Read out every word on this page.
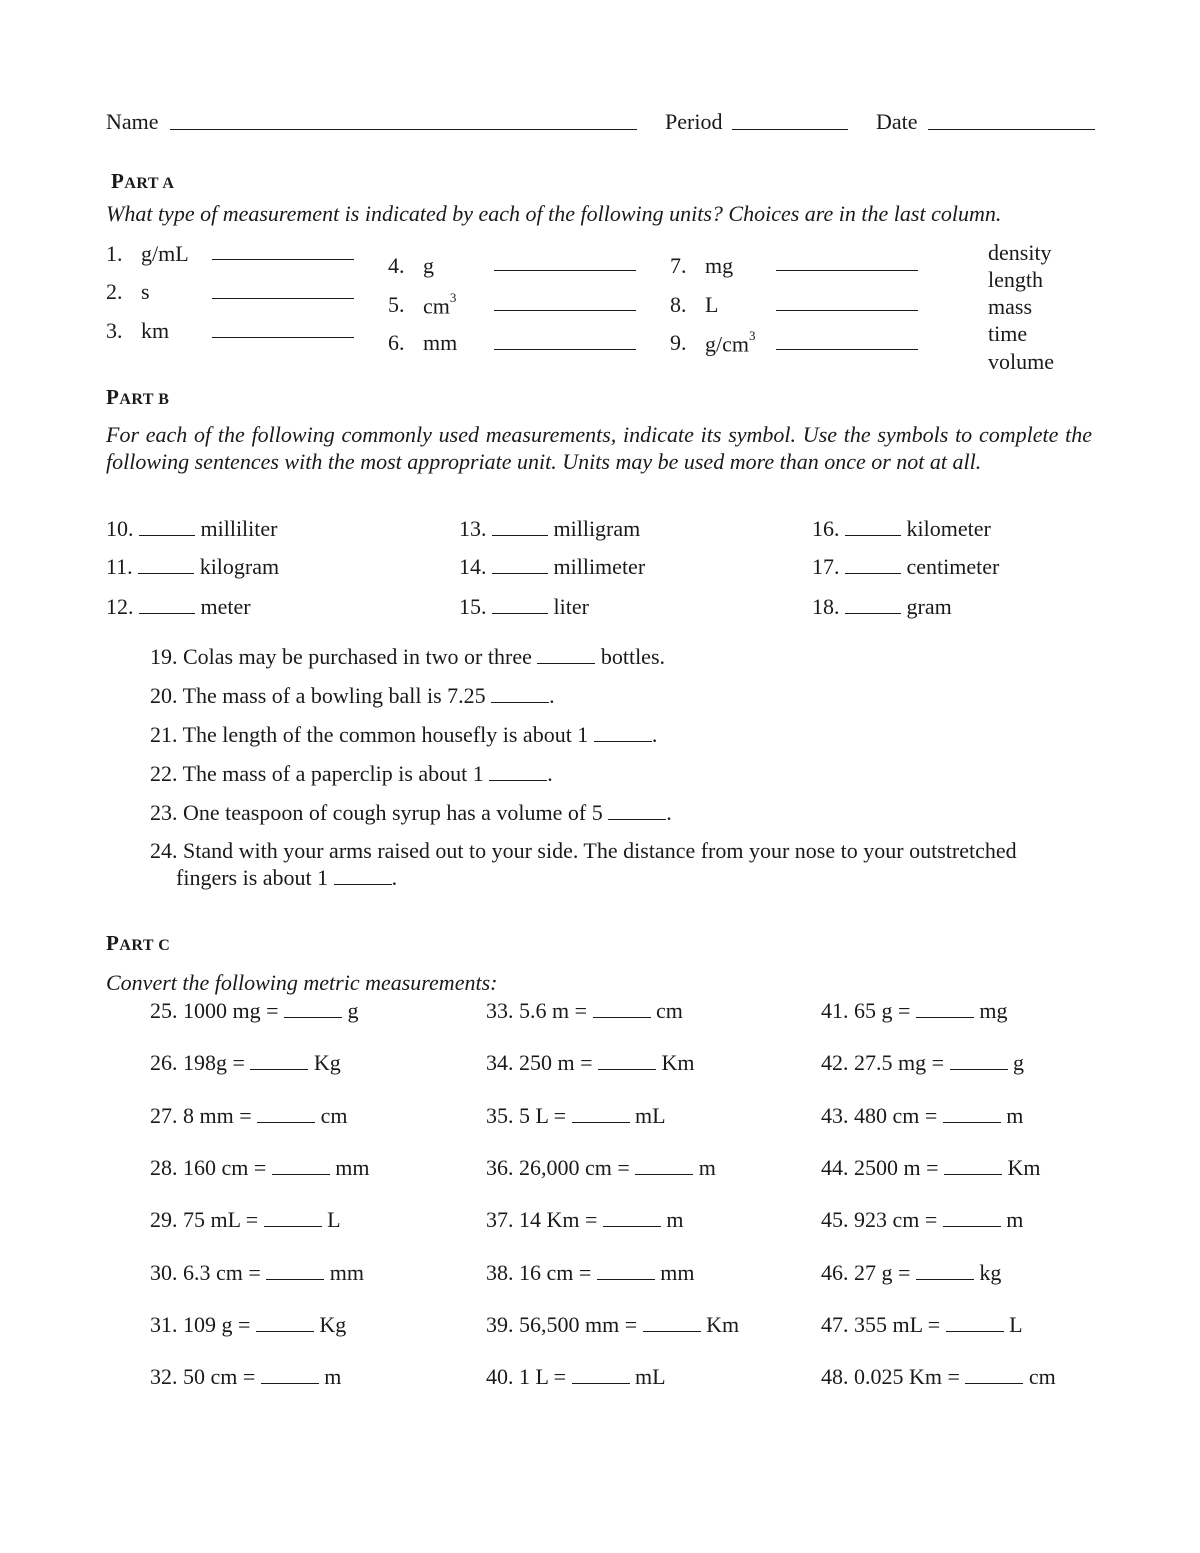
Name	Period	Date
PART A
What type of measurement is indicated by each of the following units? Choices are in the last column.
1. g/mL
2. s
3. km
4. g
5. $cm^3$
6. mm
7. mg
8. L
9. $g/cm^3$
density
length
mass
time
volume
PART B
For each of the following commonly used measurements, indicate its symbol. Use the symbols to complete the following sentences with the most appropriate unit. Units may be used more than once or not at all.
10.	milliliter
11.	kilogram
12.	meter
13.	milligram
14.	millimeter
15.	liter
16.	kilometer
17.	centimeter
18.	gram
19. Colas may be purchased in two or three	bottles.
20. The mass of a bowling ball is 7.25	.
21. The length of the common housefly is about 1	.
22. The mass of a paperclip is about 1	.
23. One teaspoon of cough syrup has a volume of 5	.
24. Stand with your arms raised out to your side. The distance from your nose to your outstretched
fingers is about 1	.
PART C
Convert the following metric measurements:
25. 1000 mg =	g
26. 198g =	Kg
27. 8 mm =	cm
28. 160 cm =	mm
29. 75 mL =	L
30. 6.3 cm =	mm
31. 109 g =	Kg
32. 50 cm =	m
33. 5.6 m =	cm
34. 250 m =	Km
35. 5 L =	mL
36. 26,000 cm =	m
37. 14 Km =	m
38. 16 cm =	mm
39. 56,500 mm =	Km
40. 1 L =	mL
41. 65 g =	mg
42. 27.5 mg =	g
43. 480 cm =	m
44. 2500 m =	Km
45. 923 cm =	m
46. 27 g =	kg
47. 355 mL =	L
48. 0.025 Km =	cm
